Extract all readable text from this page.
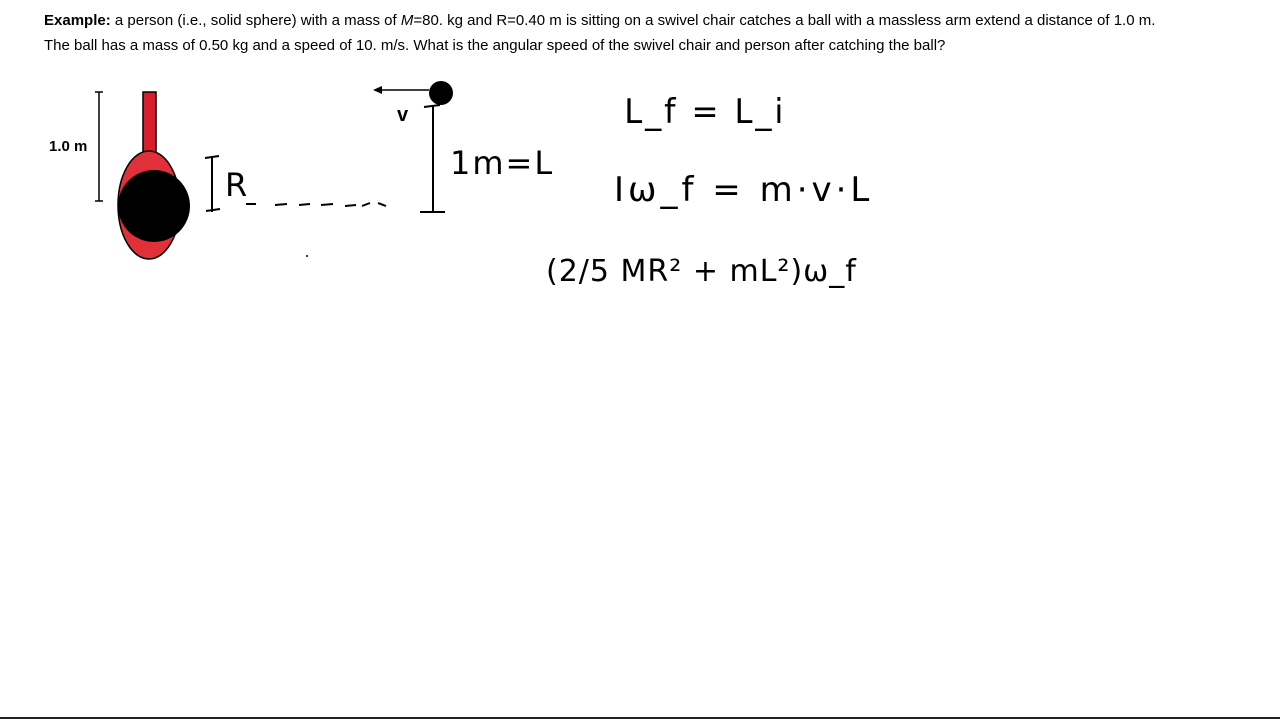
Example: a person (i.e., solid sphere) with a mass of M=80. kg and R=0.40 m is sitting on a swivel chair catches a ball with a massless arm extend a distance of 1.0 m.
The ball has a mass of 0.50 kg and a speed of 10. m/s. What is the angular speed of the swivel chair and person after catching the ball?
1.0 m
v
R
1m=L
L_f = L_i
Iω_f = m·v·L
(2/5 MR² + mL²)ω_f
